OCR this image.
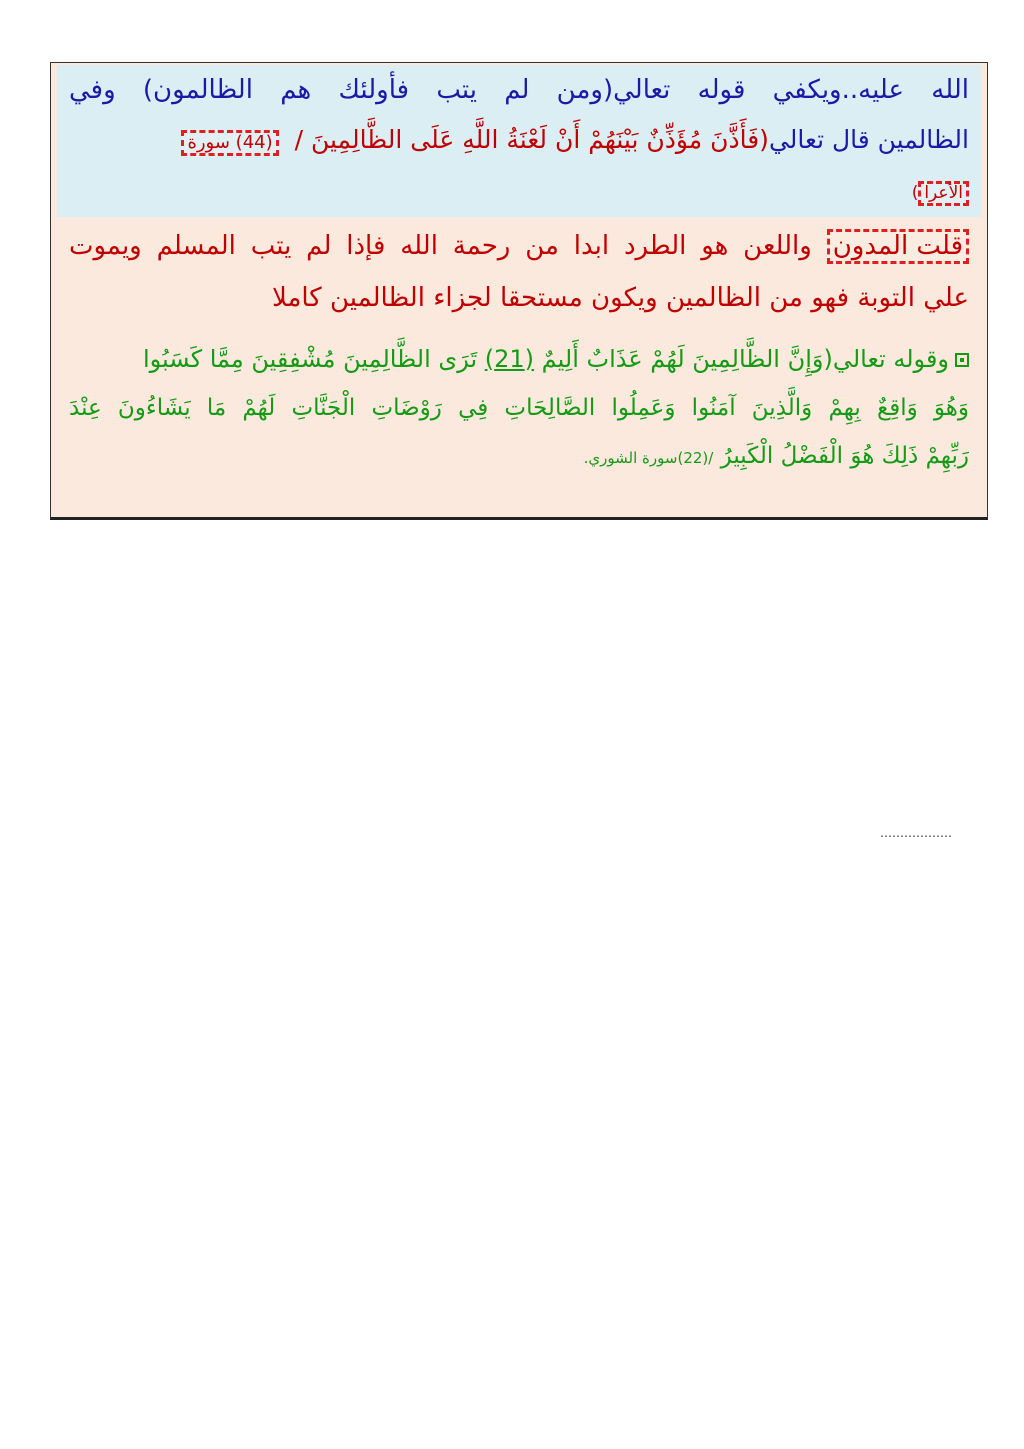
الله عليه..ويكفي قوله تعالي(ومن لم يتب فأولئك هم الظالمون) وفي
الظالمين قال تعالي(فَأَذَّنَ مُؤَذِّنٌ بَيْنَهُمْ أَنْ لَعْنَةُ اللَّهِ عَلَى الظَّالِمِينَ / (44) سورة
الأعرا)
قلت المدون واللعن هو الطرد ابدا من رحمة الله فإذا لم يتب المسلم ويموت
علي التوبة فهو من الظالمين ويكون مستحقا لجزاء الظالمين كاملا
وقوله تعالي(وَإِنَّ الظَّالِمِينَ لَهُمْ عَذَابٌ أَلِيمٌ (21) تَرَى الظَّالِمِينَ مُشْفِقِينَ مِمَّا كَسَبُوا
وَهُوَ وَاقِعٌ بِهِمْ وَالَّذِينَ آمَنُوا وَعَمِلُوا الصَّالِحَاتِ فِي رَوْضَاتِ الْجَنَّاتِ لَهُمْ مَا يَشَاءُونَ عِنْدَ
رَبِّهِمْ ذَلِكَ هُوَ الْفَضْلُ الْكَبِيرُ /(22)سورة الشوري.
………………
